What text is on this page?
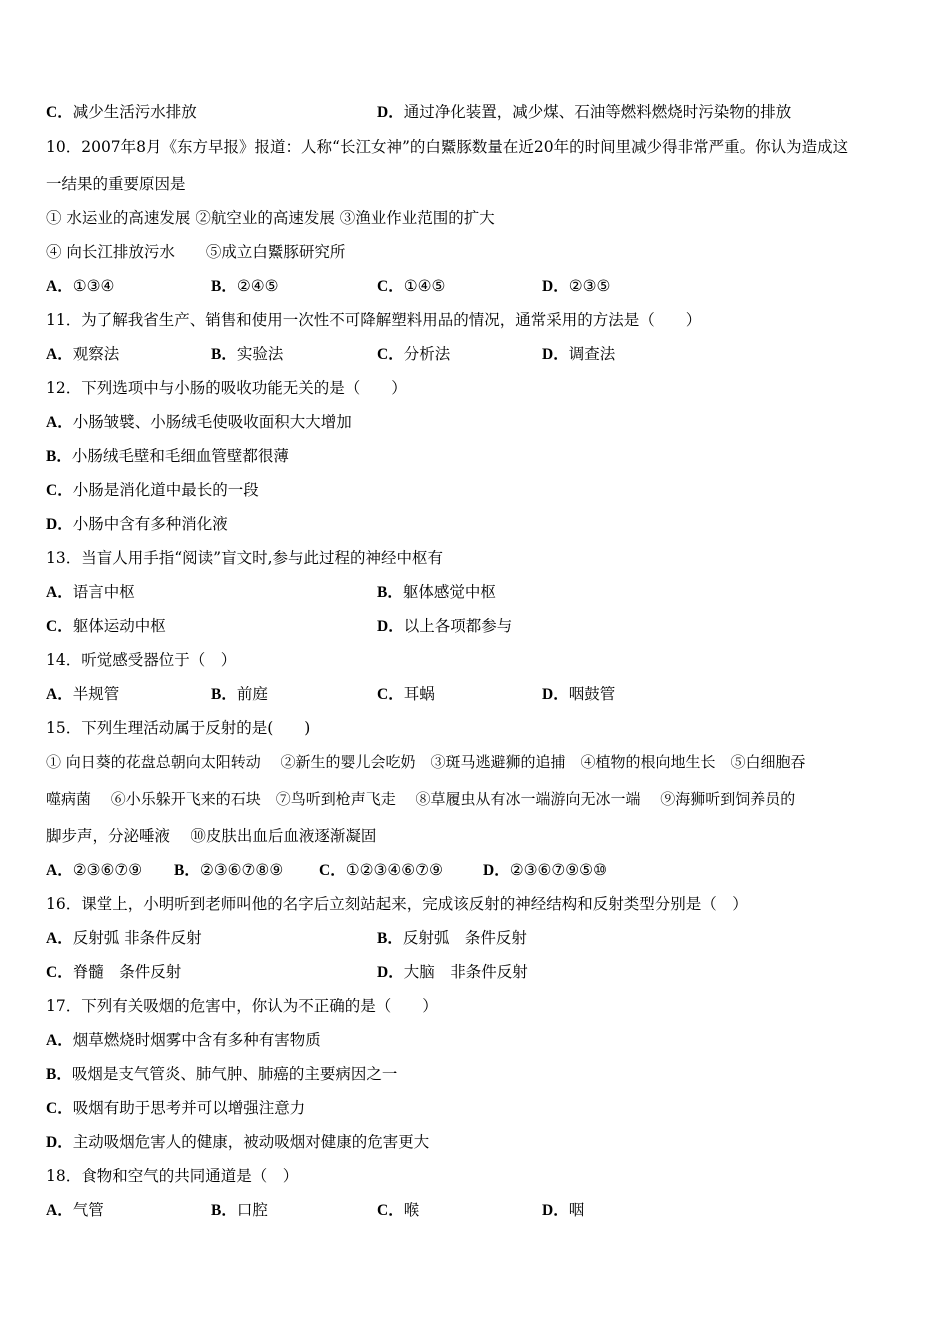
C．减少生活污水排放	D．通过净化装置，减少煤、石油等燃料燃烧时污染物的排放
10．2007年8月《东方早报》报道：人称“长江女神”的白鱀豚数量在近20年的时间里减少得非常严重。你认为造成这
一结果的重要原因是
① 水运业的高速发展 ②航空业的高速发展 ③渔业作业范围的扩大
④ 向长江排放污水　　⑤成立白鱀豚研究所
A．①③④	B．②④⑤	C．①④⑤	D．②③⑤
11．为了解我省生产、销售和使用一次性不可降解塑料用品的情况，通常采用的方法是（　　）
A．观察法	B．实验法	C．分析法	D．调查法
12．下列选项中与小肠的吸收功能无关的是（　　）
A．小肠皱襞、小肠绒毛使吸收面积大大增加
B．小肠绒毛壁和毛细血管壁都很薄
C．小肠是消化道中最长的一段
D．小肠中含有多种消化液
13．当盲人用手指“阅读”盲文时,参与此过程的神经中枢有
A．语言中枢	B．躯体感觉中枢
C．躯体运动中枢	D．以上各项都参与
14．听觉感受器位于（　）
A．半规管	B．前庭	C．耳蜗	D．咽鼓管
15．下列生理活动属于反射的是(　　)
① 向日葵的花盘总朝向太阳转动　 ②新生的婴儿会吃奶　③斑马逃避狮的追捕　④植物的根向地生长　⑤白细胞吞
噬病菌　 ⑥小乐躲开飞来的石块　⑦鸟听到枪声飞走　 ⑧草履虫从有冰一端游向无冰一端　 ⑨海狮听到饲养员的
脚步声，分泌唾液　 ⑩皮肤出血后血液逐渐凝固
A．②③⑥⑦⑨ B．②③⑥⑦⑧⑨ C．①②③④⑥⑦⑨	D．②③⑥⑦⑨⑤⑩
16．课堂上，小明听到老师叫他的名字后立刻站起来，完成该反射的神经结构和反射类型分别是（　）
A．反射弧 非条件反射	B．反射弧　条件反射
C．脊髓　条件反射	D．大脑　非条件反射
17．下列有关吸烟的危害中，你认为不正确的是（　　）
A．烟草燃烧时烟雾中含有多种有害物质
B．吸烟是支气管炎、肺气肿、肺癌的主要病因之一
C．吸烟有助于思考并可以增强注意力
D．主动吸烟危害人的健康，被动吸烟对健康的危害更大
18．食物和空气的共同通道是（　）
A．气管	B．口腔	C．喉	D．咽
